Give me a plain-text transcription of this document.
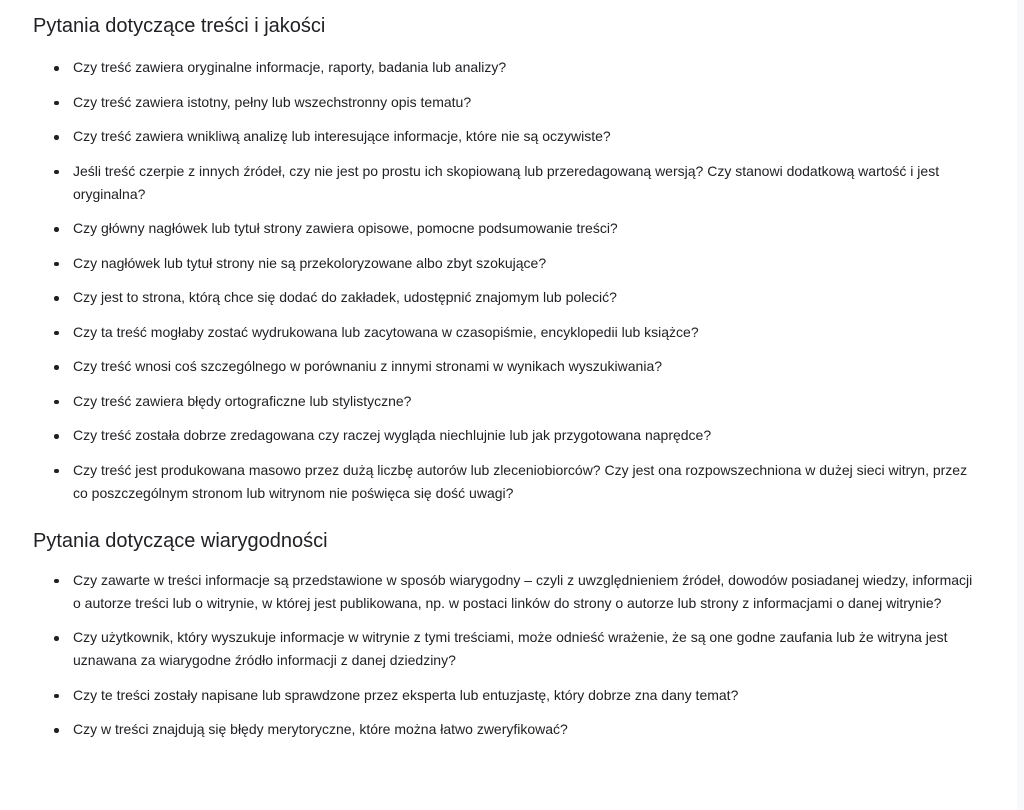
Pytania dotyczące treści i jakości
Czy treść zawiera oryginalne informacje, raporty, badania lub analizy?
Czy treść zawiera istotny, pełny lub wszechstronny opis tematu?
Czy treść zawiera wnikliwą analizę lub interesujące informacje, które nie są oczywiste?
Jeśli treść czerpie z innych źródeł, czy nie jest po prostu ich skopiowaną lub przeredagowaną wersją? Czy stanowi dodatkową wartość i jest oryginalna?
Czy główny nagłówek lub tytuł strony zawiera opisowe, pomocne podsumowanie treści?
Czy nagłówek lub tytuł strony nie są przekoloryzowane albo zbyt szokujące?
Czy jest to strona, którą chce się dodać do zakładek, udostępnić znajomym lub polecić?
Czy ta treść mogłaby zostać wydrukowana lub zacytowana w czasopiśmie, encyklopedii lub książce?
Czy treść wnosi coś szczególnego w porównaniu z innymi stronami w wynikach wyszukiwania?
Czy treść zawiera błędy ortograficzne lub stylistyczne?
Czy treść została dobrze zredagowana czy raczej wygląda niechlujnie lub jak przygotowana naprędce?
Czy treść jest produkowana masowo przez dużą liczbę autorów lub zleceniobiorców? Czy jest ona rozpowszechniona w dużej sieci witryn, przez co poszczególnym stronom lub witrynom nie poświęca się dość uwagi?
Pytania dotyczące wiarygodności
Czy zawarte w treści informacje są przedstawione w sposób wiarygodny – czyli z uwzględnieniem źródeł, dowodów posiadanej wiedzy, informacji o autorze treści lub o witrynie, w której jest publikowana, np. w postaci linków do strony o autorze lub strony z informacjami o danej witrynie?
Czy użytkownik, który wyszukuje informacje w witrynie z tymi treściami, może odnieść wrażenie, że są one godne zaufania lub że witryna jest uznawana za wiarygodne źródło informacji z danej dziedziny?
Czy te treści zostały napisane lub sprawdzone przez eksperta lub entuzjastę, który dobrze zna dany temat?
Czy w treści znajdują się błędy merytoryczne, które można łatwo zweryfikować?
